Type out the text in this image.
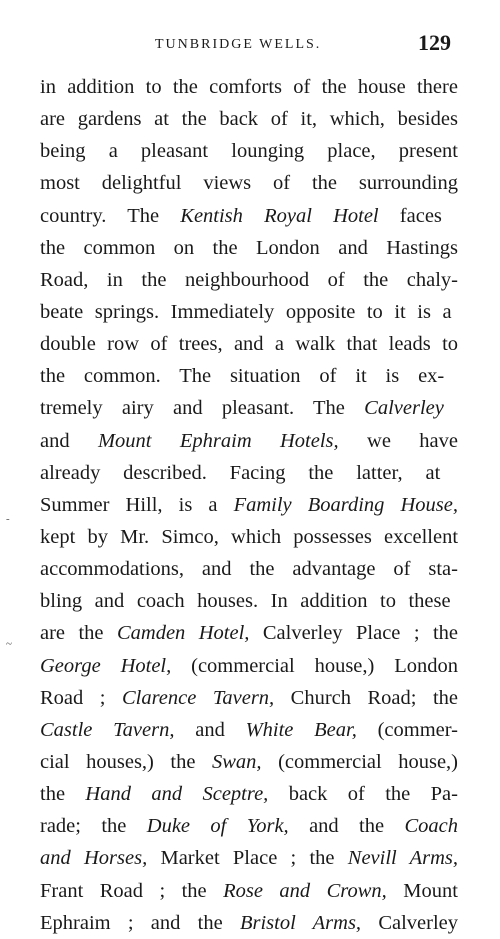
TUNBRIDGE WELLS.	129
in addition to the comforts of the house there
are gardens at the back of it, which, besides
being a pleasant lounging place, present
most delightful views of the surrounding
country. The Kentish Royal Hotel faces
the common on the London and Hastings
Road, in the neighbourhood of the chaly-
beate springs. Immediately opposite to it is a
double row of trees, and a walk that leads to
the common. The situation of it is ex-
tremely airy and pleasant. The Calverley
and Mount Ephraim Hotels, we have
already described. Facing the latter, at
Summer Hill, is a Family Boarding House,
kept by Mr. Simco, which possesses excellent
accommodations, and the advantage of sta-
bling and coach houses. In addition to these
are the Camden Hotel, Calverley Place ; the
George Hotel, (commercial house,) London
Road ; Clarence Tavern, Church Road; the
Castle Tavern, and White Bear, (commer-
cial houses,) the Swan, (commercial house,)
the Hand and Sceptre, back of the Pa-
rade; the Duke of York, and the Coach
and Horses, Market Place ; the Nevill Arms,
Frant Road ; the Rose and Crown, Mount
Ephraim ; and the Bristol Arms, Calverley
-
~
